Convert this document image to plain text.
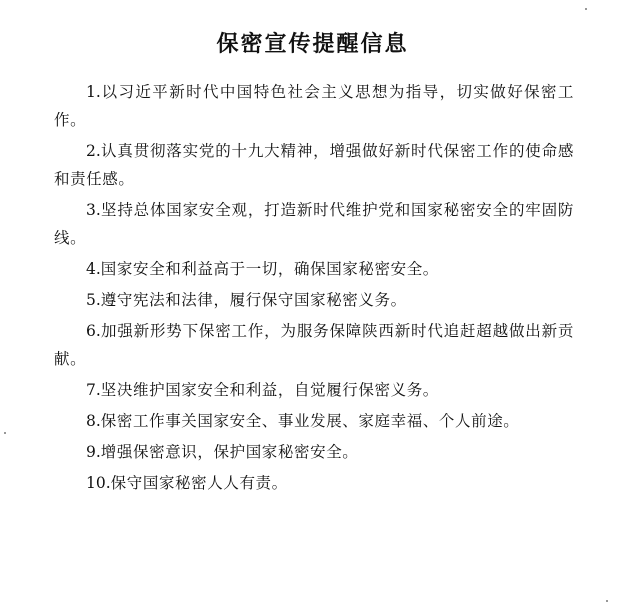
保密宣传提醒信息

1.以习近平新时代中国特色社会主义思想为指导，切实做好保密工作。

2.认真贯彻落实党的十九大精神，增强做好新时代保密工作的使命感和责任感。

3.坚持总体国家安全观，打造新时代维护党和国家秘密安全的牢固防线。

4.国家安全和利益高于一切，确保国家秘密安全。

5.遵守宪法和法律，履行保守国家秘密义务。

6.加强新形势下保密工作，为服务保障陕西新时代追赶超越做出新贡献。

7.坚决维护国家安全和利益，自觉履行保密义务。

8.保密工作事关国家安全、事业发展、家庭幸福、个人前途。

9.增强保密意识，保护国家秘密安全。

10.保守国家秘密人人有责。
